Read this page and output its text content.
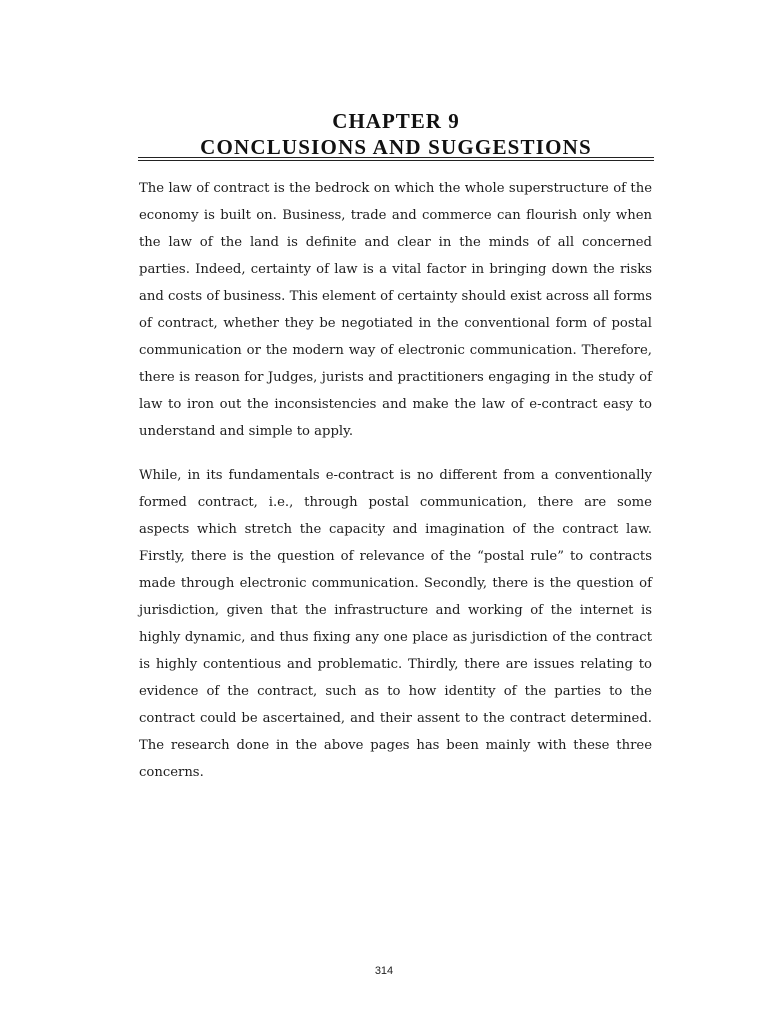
CHAPTER 9
CONCLUSIONS AND SUGGESTIONS

The law of contract is the bedrock on which the whole superstructure of the economy is built on. Business, trade and commerce can flourish only when the law of the land is definite and clear in the minds of all concerned parties. Indeed, certainty of law is a vital factor in bringing down the risks and costs of business. This element of certainty should exist across all forms of contract, whether they be negotiated in the conventional form of postal communication or the modern way of electronic communication. Therefore, there is reason for Judges, jurists and practitioners engaging in the study of law to iron out the inconsistencies and make the law of e-contract easy to understand and simple to apply.

While, in its fundamentals e-contract is no different from a conventionally formed contract, i.e., through postal communication, there are some aspects which stretch the capacity and imagination of the contract law. Firstly, there is the question of relevance of the “postal rule” to contracts made through electronic communication. Secondly, there is the question of jurisdiction, given that the infrastructure and working of the internet is highly dynamic, and thus fixing any one place as jurisdiction of the contract is highly contentious and problematic. Thirdly, there are issues relating to evidence of the contract, such as to how identity of the parties to the contract could be ascertained, and their assent to the contract determined. The research done in the above pages has been mainly with these three concerns.

314
